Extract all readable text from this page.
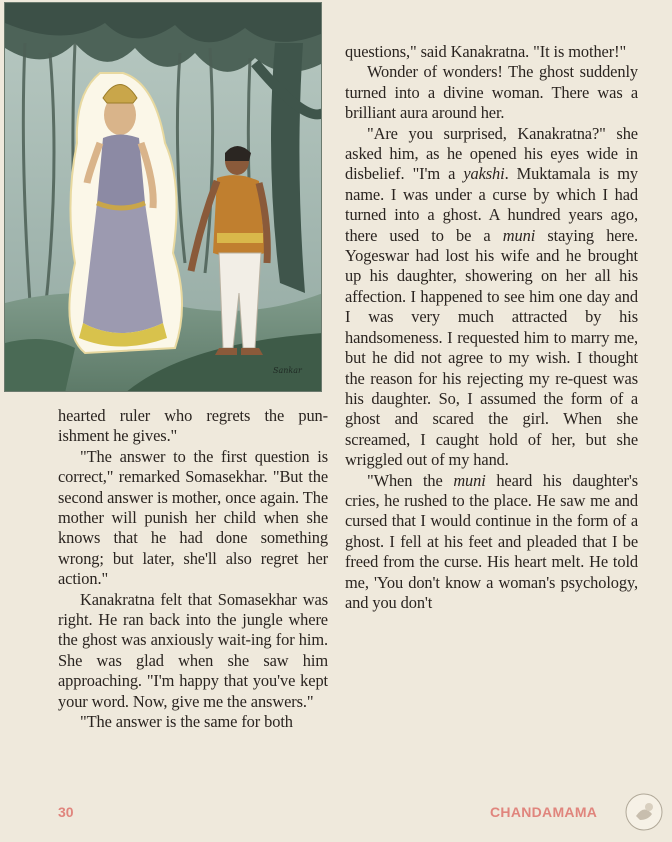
Sankar

hearted ruler who regrets the pun-ishment he gives."

"The answer to the first question is correct," remarked Somasekhar. "But the second answer is mother, once again. The mother will punish her child when she knows that he had done something wrong; but later, she'll also regret her action."

Kanakratna felt that Somasekhar was right. He ran back into the jungle where the ghost was anxiously wait-ing for him. She was glad when she saw him approaching. "I'm happy that you've kept your word. Now, give me the answers."

"The answer is the same for both

questions," said Kanakratna. "It is mother!"

Wonder of wonders! The ghost suddenly turned into a divine woman. There was a brilliant aura around her.

"Are you surprised, Kanakratna?" she asked him, as he opened his eyes wide in disbelief. "I'm a yakshi. Muktamala is my name. I was under a curse by which I had turned into a ghost. A hundred years ago, there used to be a muni staying here. Yogeswar had lost his wife and he brought up his daughter, showering on her all his affection. I happened to see him one day and I was very much attracted by his handsomeness. I requested him to marry me, but he did not agree to my wish. I thought the reason for his rejecting my re-quest was his daughter. So, I assumed the form of a ghost and scared the girl. When she screamed, I caught hold of her, but she wriggled out of my hand.

"When the muni heard his daughter's cries, he rushed to the place. He saw me and cursed that I would continue in the form of a ghost. I fell at his feet and pleaded that I be freed from the curse. His heart melt. He told me, 'You don't know a woman's psychology, and you don't

30	CHANDAMAMA
